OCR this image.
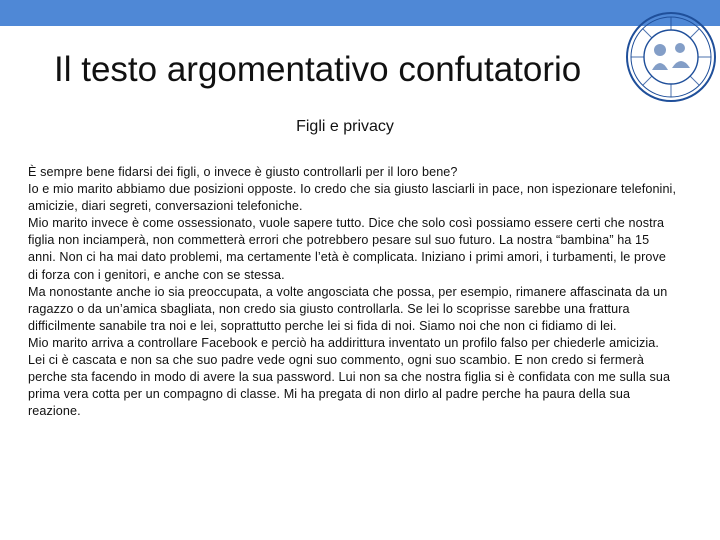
Il testo argomentativo confutatorio
Figli e privacy

È sempre bene fidarsi dei figli, o invece è giusto controllarli per il loro bene?

Io e mio marito abbiamo due posizioni opposte. Io credo che sia giusto lasciarli in pace, non ispezionare telefonini, amicizie, diari segreti, conversazioni telefoniche.

Mio marito invece è come ossessionato, vuole sapere tutto. Dice che solo così possiamo essere certi che nostra figlia non inciamperà, non commetterà errori che potrebbero pesare sul suo futuro. La nostra “bambina” ha 15 anni. Non ci ha mai dato problemi, ma certamente l’età è complicata. Iniziano i primi amori, i turbamenti, le prove di forza con i genitori, e anche con se stessa.

Ma nonostante anche io sia preoccupata, a volte angosciata che possa, per esempio, rimanere affascinata da un ragazzo o da un’amica sbagliata, non credo sia giusto controllarla. Se lei lo scoprisse sarebbe una frattura difficilmente sanabile tra noi e lei, soprattutto perche lei si fida di noi. Siamo noi che non ci fidiamo di lei.

Mio marito arriva a controllare Facebook e perciò ha addirittura inventato un profilo falso per chiederle amicizia. Lei ci è cascata e non sa che suo padre vede ogni suo commento, ogni suo scambio. E non credo si fermerà perche sta facendo in modo di avere la sua password. Lui non sa che nostra figlia si è confidata con me sulla sua prima vera cotta per un compagno di classe. Mi ha pregata di non dirlo al padre perche ha paura della sua reazione.
